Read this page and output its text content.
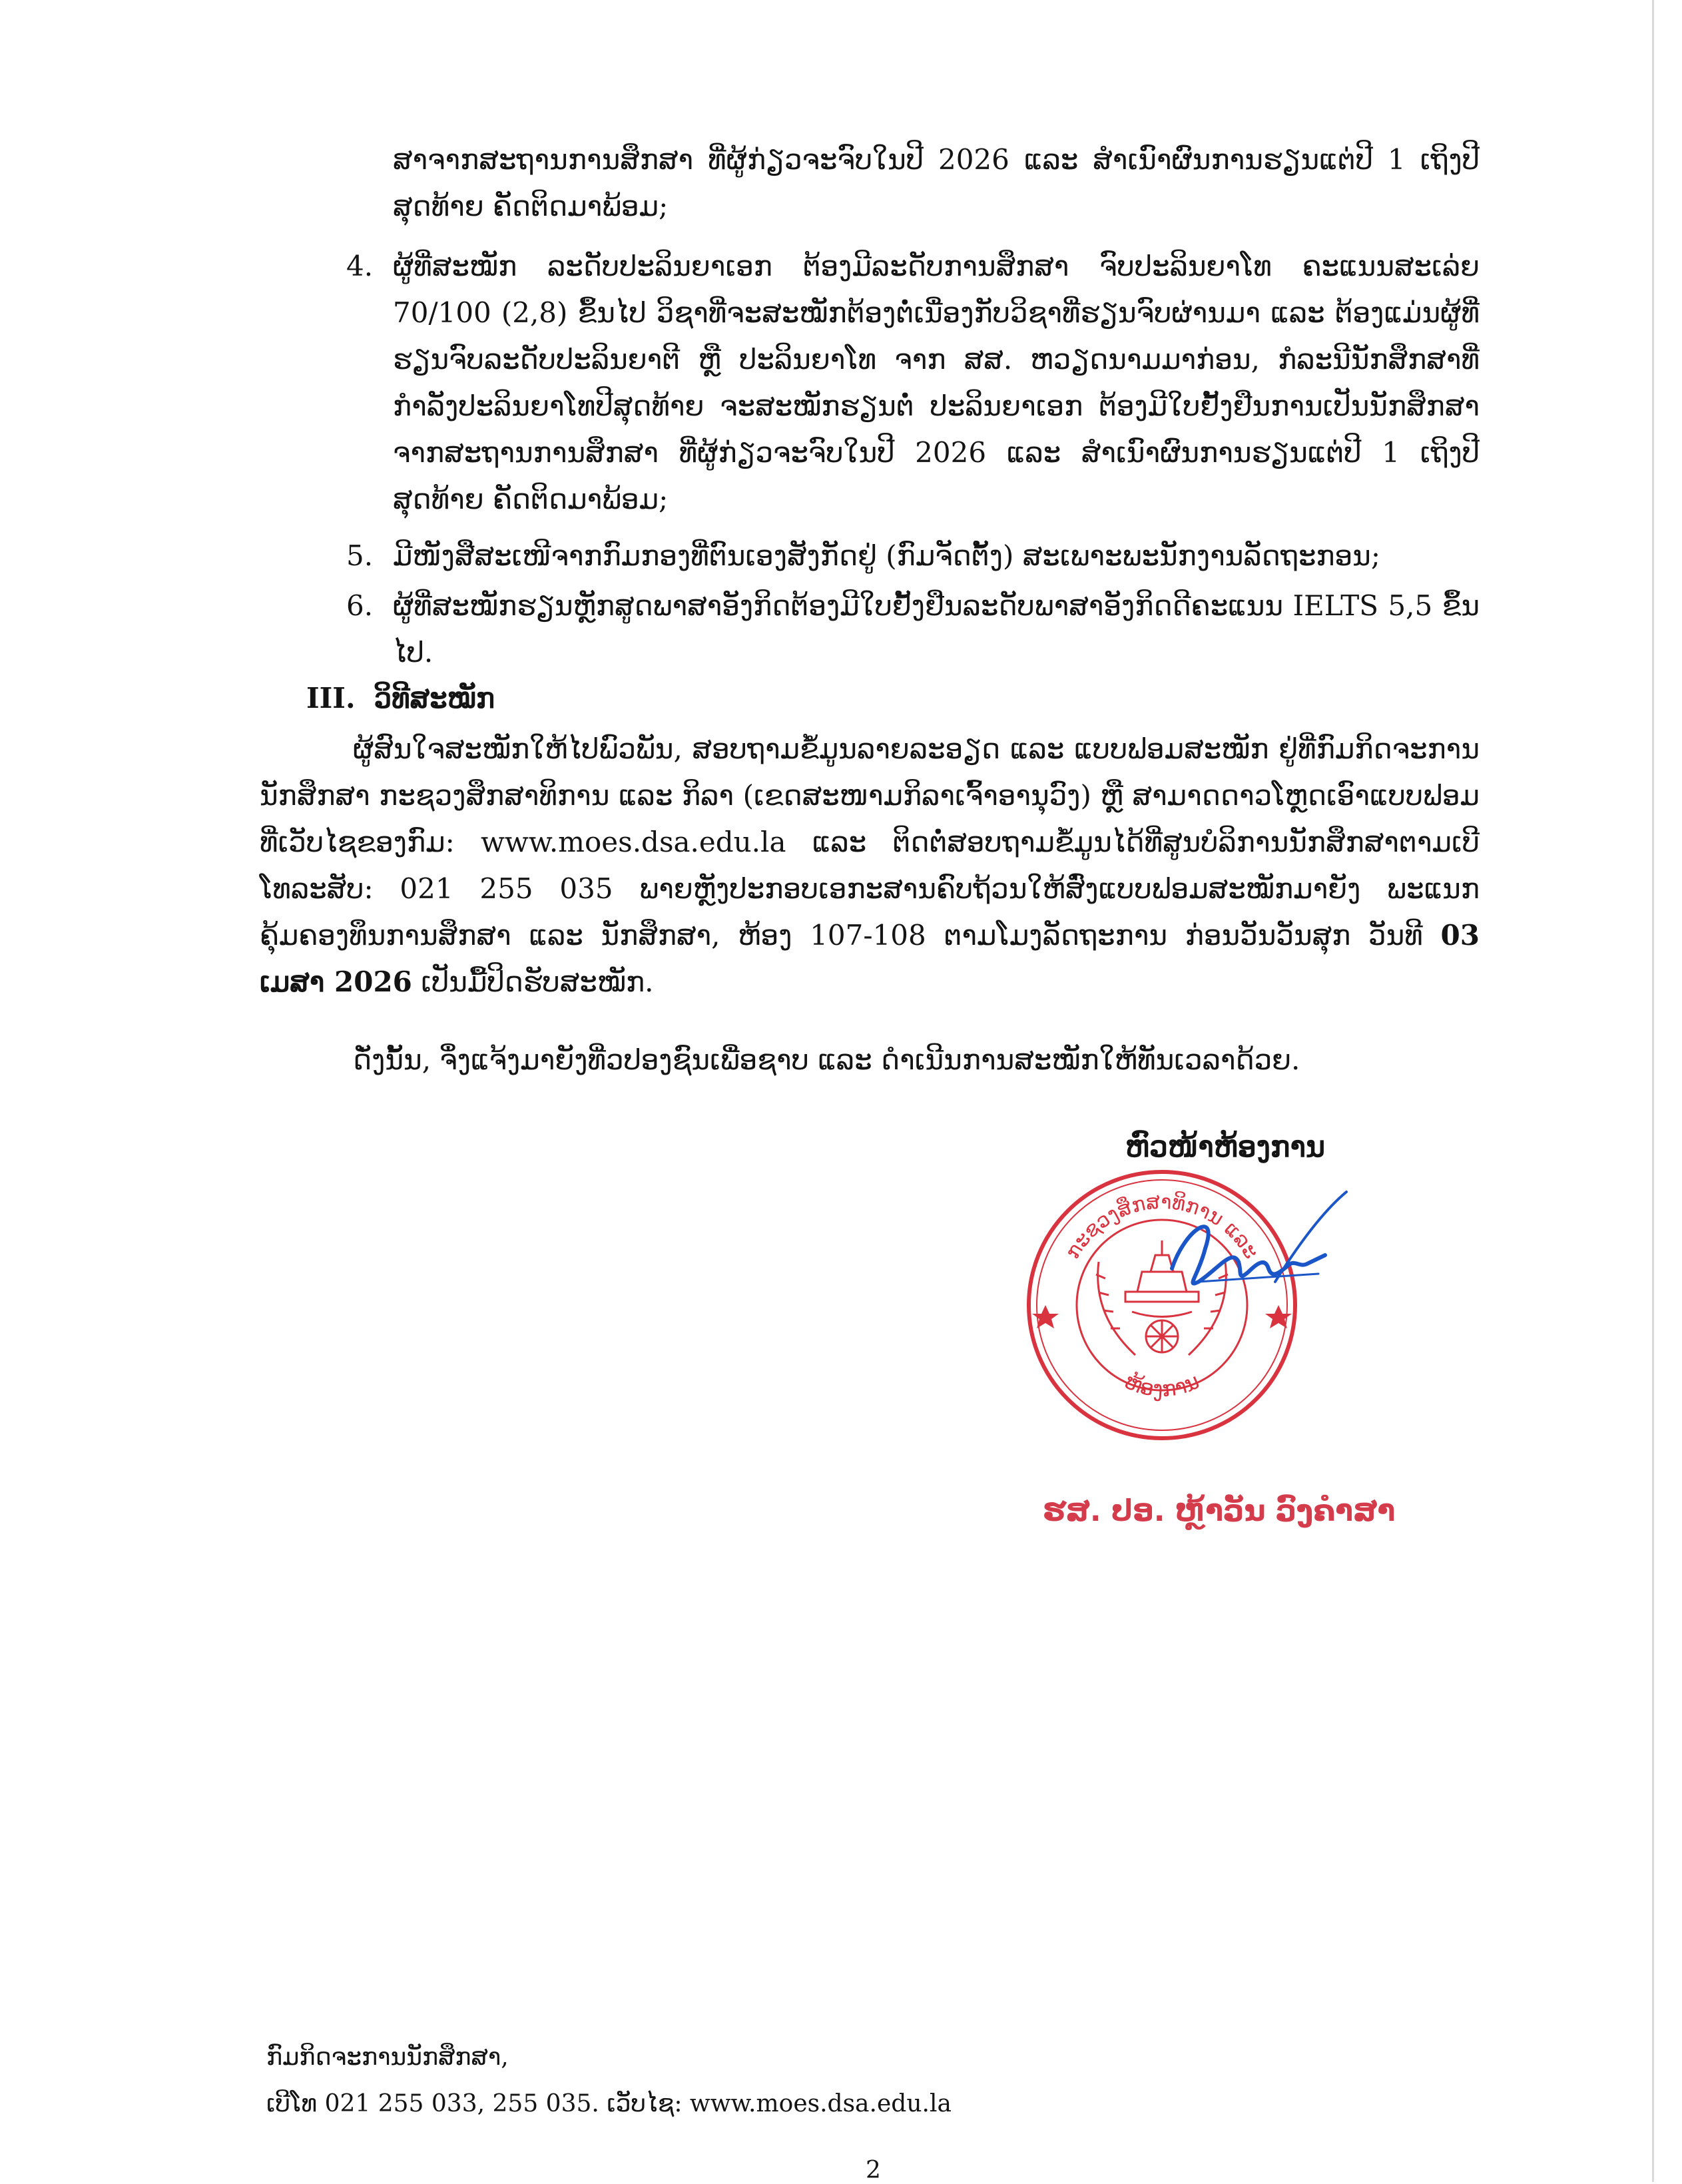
ສາຈາກສະຖານການສຶກສາ ທີ່ຜູ້ກ່ຽວຈະຈົບໃນປີ 2026 ແລະ ສຳເນົາຜົນການຮຽນແຕ່ປີ 1 ເຖິງປີສຸດທ້າຍ ຄັດຕິດມາພ້ອມ;
4. ຜູ້ທີ່ສະໝັກ ລະດັບປະລິນຍາເອກ ຕ້ອງມີລະດັບການສຶກສາ ຈົບປະລິນຍາໂທ ຄະແນນສະເລ່ຍ 70/100 (2,8) ຂຶ້ນໄປ ວິຊາທີ່ຈະສະໝັກຕ້ອງຕໍ່ເນື່ອງກັບວິຊາທີ່ຮຽນຈົບຜ່ານມາ ແລະ ຕ້ອງແມ່ນຜູ້ທີ່ຮຽນຈົບລະດັບປະລິນຍາຕີ ຫຼື ປະລິນຍາໂທ ຈາກ ສສ. ຫວຽດນາມມາກ່ອນ, ກໍລະນີນັກສຶກສາທີ່ກຳລັງປະລິນຍາໂທປີສຸດທ້າຍ ຈະສະໝັກຮຽນຕໍ່ ປະລິນຍາເອກ ຕ້ອງມີໃບຢັ້ງຢືນການເປັນນັກສຶກສາຈາກສະຖານການສຶກສາ ທີ່ຜູ້ກ່ຽວຈະຈົບໃນປີ 2026 ແລະ ສຳເນົາຜົນການຮຽນແຕ່ປີ 1 ເຖິງປີສຸດທ້າຍ ຄັດຕິດມາພ້ອມ;
5. ມີໜັງສືສະເໜີຈາກກົມກອງທີ່ຕົນເອງສັງກັດຢູ່ (ກົມຈັດຕັ້ງ) ສະເພາະພະນັກງານລັດຖະກອນ;
6. ຜູ້ທີ່ສະໝັກຮຽນຫຼັກສູດພາສາອັງກິດຕ້ອງມີໃບຢັ້ງຢືນລະດັບພາສາອັງກິດດີຄະແນນ IELTS 5,5 ຂຶ້ນໄປ.
III. ວິທີສະໝັກ
ຜູ້ສົນໃຈສະໝັກໃຫ້ໄປພົວພັນ, ສອບຖາມຂໍ້ມູນລາຍລະອຽດ ແລະ ແບບຟອມສະໝັກ ຢູ່ທີ່ກົມກິດຈະການນັກສຶກສາ ກະຊວງສຶກສາທິການ ແລະ ກິລາ (ເຂດສະໜາມກິລາເຈົ້າອານຸວົງ) ຫຼື ສາມາດດາວໂຫຼດເອົາແບບຟອມທີ່ເວັບໄຊຂອງກົມ: www.moes.dsa.edu.la ແລະ ຕິດຕໍ່ສອບຖາມຂໍ້ມູນໄດ້ທີ່ສູນບໍລິການນັກສຶກສາຕາມເບີໂທລະສັບ: 021 255 035 ພາຍຫຼັງປະກອບເອກະສານຄົບຖ້ວນໃຫ້ສົ່ງແບບຟອມສະໝັກມາຍັງ ພະແນກຄຸ້ມຄອງທຶນການສຶກສາ ແລະ ນັກສຶກສາ, ຫ້ອງ 107-108 ຕາມໂມງລັດຖະການ ກ່ອນວັນວັນສຸກ ວັນທີ 03 ເມສາ 2026 ເປັນມື້ປິດຮັບສະໝັກ.
ດັ່ງນັ້ນ, ຈຶ່ງແຈ້ງມາຍັງທີ່ວປອງຊົນເພື່ອຊາບ ແລະ ດຳເນີນການສະໝັກໃຫ້ທັນເວລາດ້ວຍ.
ຫົວໜ້າຫ້ອງການ
ກະຊວງສຶກສາທິການ ແລະ
ຫ້ອງການ
ຮສ. ປອ. ຫຼ້າວັນ ວົງຄຳສາ
ກົມກິດຈະການນັກສຶກສາ,
ເບີໂທ 021 255 033, 255 035. ເວັບໄຊ: www.moes.dsa.edu.la
2
